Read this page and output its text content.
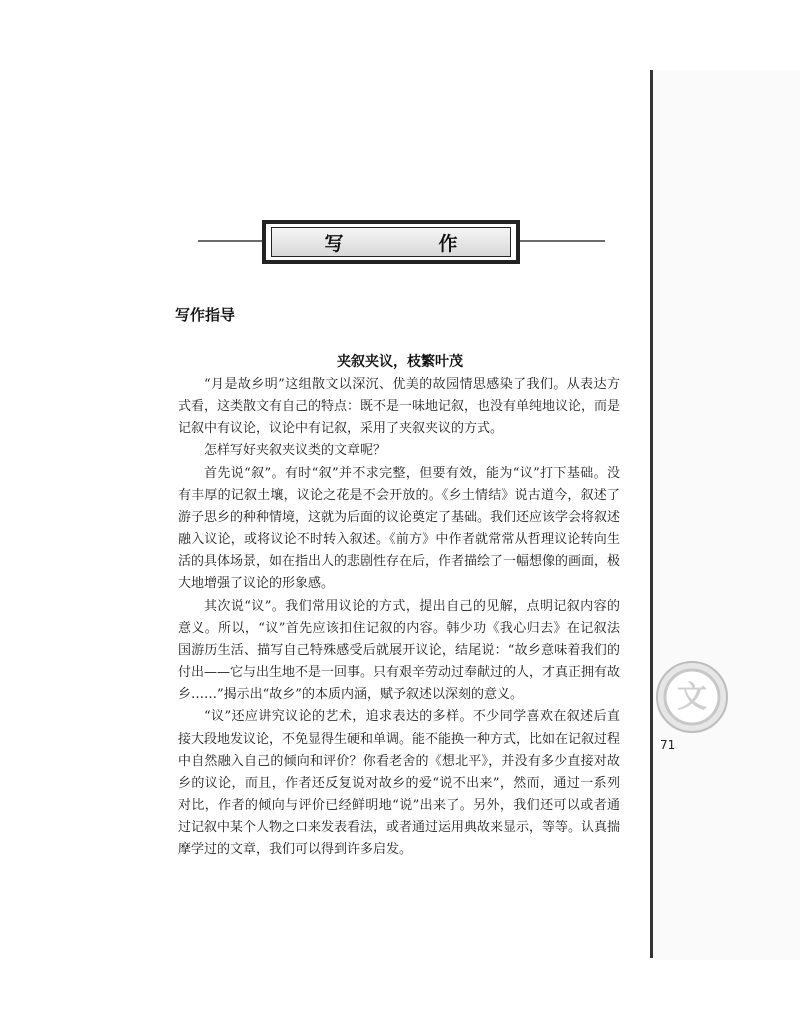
写　作
写作指导
夹叙夹议，枝繁叶茂

“月是故乡明”这组散文以深沉、优美的故园情思感染了我们。从表达方式看，这类散文有自己的特点：既不是一味地记叙，也没有单纯地议论，而是记叙中有议论，议论中有记叙，采用了夹叙夹议的方式。

怎样写好夹叙夹议类的文章呢？

首先说“叙”。有时“叙”并不求完整，但要有效，能为“议”打下基础。没有丰厚的记叙土壤，议论之花是不会开放的。《乡土情结》说古道今，叙述了游子思乡的种种情境，这就为后面的议论奠定了基础。我们还应该学会将叙述融入议论，或将议论不时转入叙述。《前方》中作者就常常从哲理议论转向生活的具体场景，如在指出人的悲剧性存在后，作者描绘了一幅想像的画面，极大地增强了议论的形象感。

其次说“议”。我们常用议论的方式，提出自己的见解，点明记叙内容的意义。所以，“议”首先应该扣住记叙的内容。韩少功《我心归去》在记叙法国游历生活、描写自己特殊感受后就展开议论，结尾说：“故乡意味着我们的付出——它与出生地不是一回事。只有艰辛劳动过奉献过的人，才真正拥有故乡……”揭示出“故乡”的本质内涵，赋予叙述以深刻的意义。

“议”还应讲究议论的艺术，追求表达的多样。不少同学喜欢在叙述后直接大段地发议论，不免显得生硬和单调。能不能换一种方式，比如在记叙过程中自然融入自己的倾向和评价？你看老舍的《想北平》，并没有多少直接对故乡的议论，而且，作者还反复说对故乡的爱“说不出来”，然而，通过一系列对比，作者的倾向与评价已经鲜明地“说”出来了。另外，我们还可以或者通过记叙中某个人物之口来发表看法，或者通过运用典故来显示，等等。认真揣摩学过的文章，我们可以得到许多启发。

文
71
